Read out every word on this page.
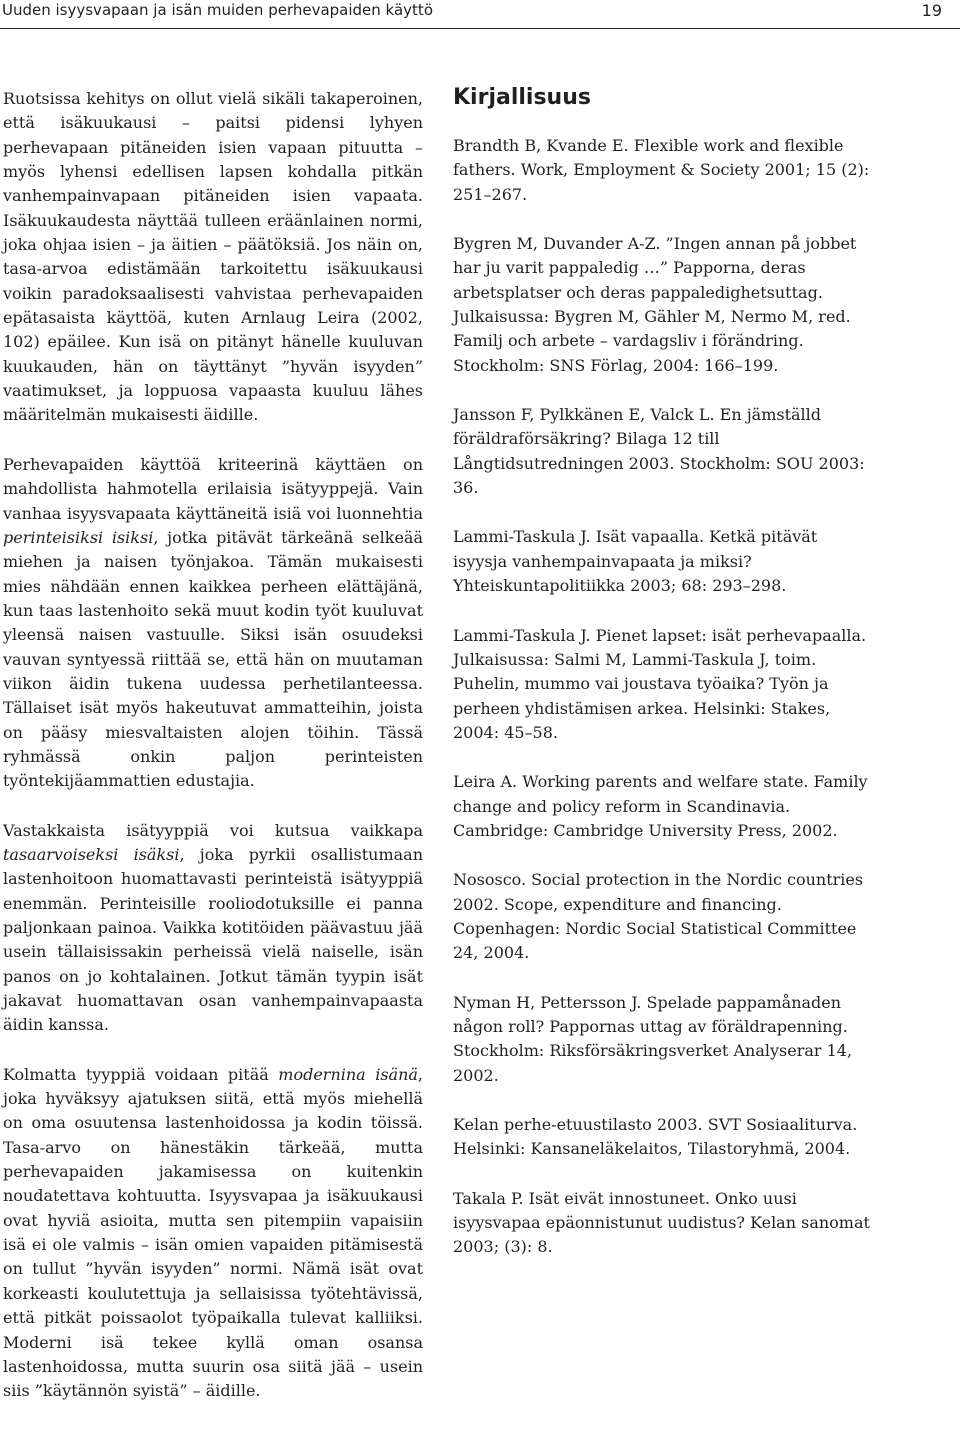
Uuden isyysvapaan ja isän muiden perhevapaiden käyttö	19

Ruotsissa kehitys on ollut vielä sikäli takaperoinen, että isäkuukausi – paitsi pidensi lyhyen perhevapaan pitäneiden isien vapaan pituutta – myös lyhensi edellisen lapsen kohdalla pitkän vanhempainvapaan pitäneiden isien vapaata. Isäkuukaudesta näyttää tulleen eräänlainen normi, joka ohjaa isien – ja äitien – päätöksiä. Jos näin on, tasa-arvoa edistämään tarkoitettu isäkuukausi voikin paradoksaalisesti vahvistaa perhevapaiden epätasaista käyttöä, kuten Arnlaug Leira (2002, 102) epäilee. Kun isä on pitänyt hänelle kuuluvan kuukauden, hän on täyttänyt ”hyvän isyyden” vaatimukset, ja loppuosa vapaasta kuuluu lähes määritelmän mukaisesti äidille.

Perhevapaiden käyttöä kriteerinä käyttäen on mahdollista hahmotella erilaisia isätyyppejä. Vain vanhaa isyysvapaata käyttäneitä isiä voi luonnehtia perinteisiksi isiksi, jotka pitävät tärkeänä selkeää miehen ja naisen työnjakoa. Tämän mukaisesti mies nähdään ennen kaikkea perheen elättäjänä, kun taas lastenhoito sekä muut kodin työt kuuluvat yleensä naisen vastuulle. Siksi isän osuudeksi vauvan syntyessä riittää se, että hän on muutaman viikon äidin tukena uudessa perhetilanteessa. Tällaiset isät myös hakeutuvat ammatteihin, joista on pääsy miesvaltaisten alojen töihin. Tässä ryhmässä onkin paljon perinteisten työntekijäammattien edustajia.

Vastakkaista isätyyppiä voi kutsua vaikkapa tasaarvoiseksi isäksi, joka pyrkii osallistumaan lastenhoitoon huomattavasti perinteistä isätyyppiä enemmän. Perinteisille rooliodotuksille ei panna paljonkaan painoa. Vaikka kotitöiden päävastuu jää usein tällaisissakin perheissä vielä naiselle, isän panos on jo kohtalainen. Jotkut tämän tyypin isät jakavat huomattavan osan vanhempainvapaasta äidin kanssa.

Kolmatta tyyppiä voidaan pitää modernina isänä, joka hyväksyy ajatuksen siitä, että myös miehellä on oma osuutensa lastenhoidossa ja kodin töissä. Tasa-arvo on hänestäkin tärkeää, mutta perhevapaiden jakamisessa on kuitenkin noudatettava kohtuutta. Isyysvapaa ja isäkuukausi ovat hyviä asioita, mutta sen pitempiin vapaisiin isä ei ole valmis – isän omien vapaiden pitämisestä on tullut ”hyvän isyyden” normi. Nämä isät ovat korkeasti koulutettuja ja sellaisissa työtehtävissä, että pitkät poissaolot työpaikalla tulevat kalliiksi. Moderni isä tekee kyllä oman osansa lastenhoidossa, mutta suurin osa siitä jää – usein siis ”käytännön syistä” – äidille.

Kirjallisuus
Brandth B, Kvande E. Flexible work and flexible fathers. Work, Employment & Society 2001; 15 (2): 251–267.
Bygren M, Duvander A-Z. ”Ingen annan på jobbet har ju varit pappaledig …” Papporna, deras arbetsplatser och deras pappaledighetsuttag. Julkaisussa: Bygren M, Gähler M, Nermo M, red. Familj och arbete – vardagsliv i förändring. Stockholm: SNS Förlag, 2004: 166–199.
Jansson F, Pylkkänen E, Valck L. En jämställd föräldraförsäkring? Bilaga 12 till Långtidsutredningen 2003. Stockholm: SOU 2003: 36.
Lammi-Taskula J. Isät vapaalla. Ketkä pitävät isyysja vanhempainvapaata ja miksi? Yhteiskuntapolitiikka 2003; 68: 293–298.
Lammi-Taskula J. Pienet lapset: isät perhevapaalla. Julkaisussa: Salmi M, Lammi-Taskula J, toim. Puhelin, mummo vai joustava työaika? Työn ja perheen yhdistämisen arkea. Helsinki: Stakes, 2004: 45–58.
Leira A. Working parents and welfare state. Family change and policy reform in Scandinavia. Cambridge: Cambridge University Press, 2002.
Nososco. Social protection in the Nordic countries 2002. Scope, expenditure and financing. Copenhagen: Nordic Social Statistical Committee 24, 2004.
Nyman H, Pettersson J. Spelade pappamånaden någon roll? Pappornas uttag av föräldrapenning. Stockholm: Riksförsäkringsverket Analyserar 14, 2002.
Kelan perhe-etuustilasto 2003. SVT Sosiaaliturva. Helsinki: Kansaneläkelaitos, Tilastoryhmä, 2004.
Takala P. Isät eivät innostuneet. Onko uusi isyysvapaa epäonnistunut uudistus? Kelan sanomat 2003; (3): 8.
